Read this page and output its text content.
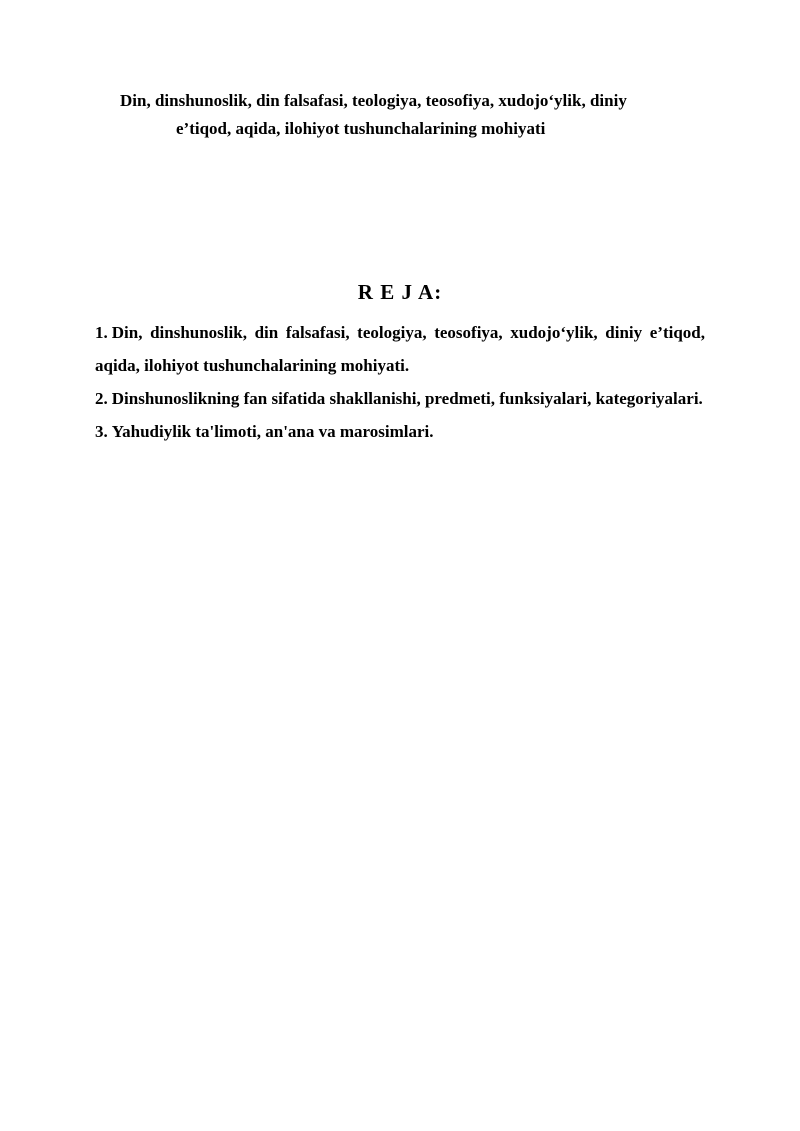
Din, dinshunoslik, din falsafasi, teologiya, teosofiya, xudojo‘ylik, diniy
e’tiqod, aqida, ilohiyot tushunchalarining mohiyati
R E J A:

1. Din, dinshunoslik, din falsafasi, teologiya, teosofiya, xudojo‘ylik, diniy e’tiqod, aqida, ilohiyot tushunchalarining mohiyati.

2. Dinshunoslikning fan sifatida shakllanishi, predmeti, funksiyalari, kategoriyalari.

3. Yahudiylik ta'limoti, an'ana va marosimlari.
